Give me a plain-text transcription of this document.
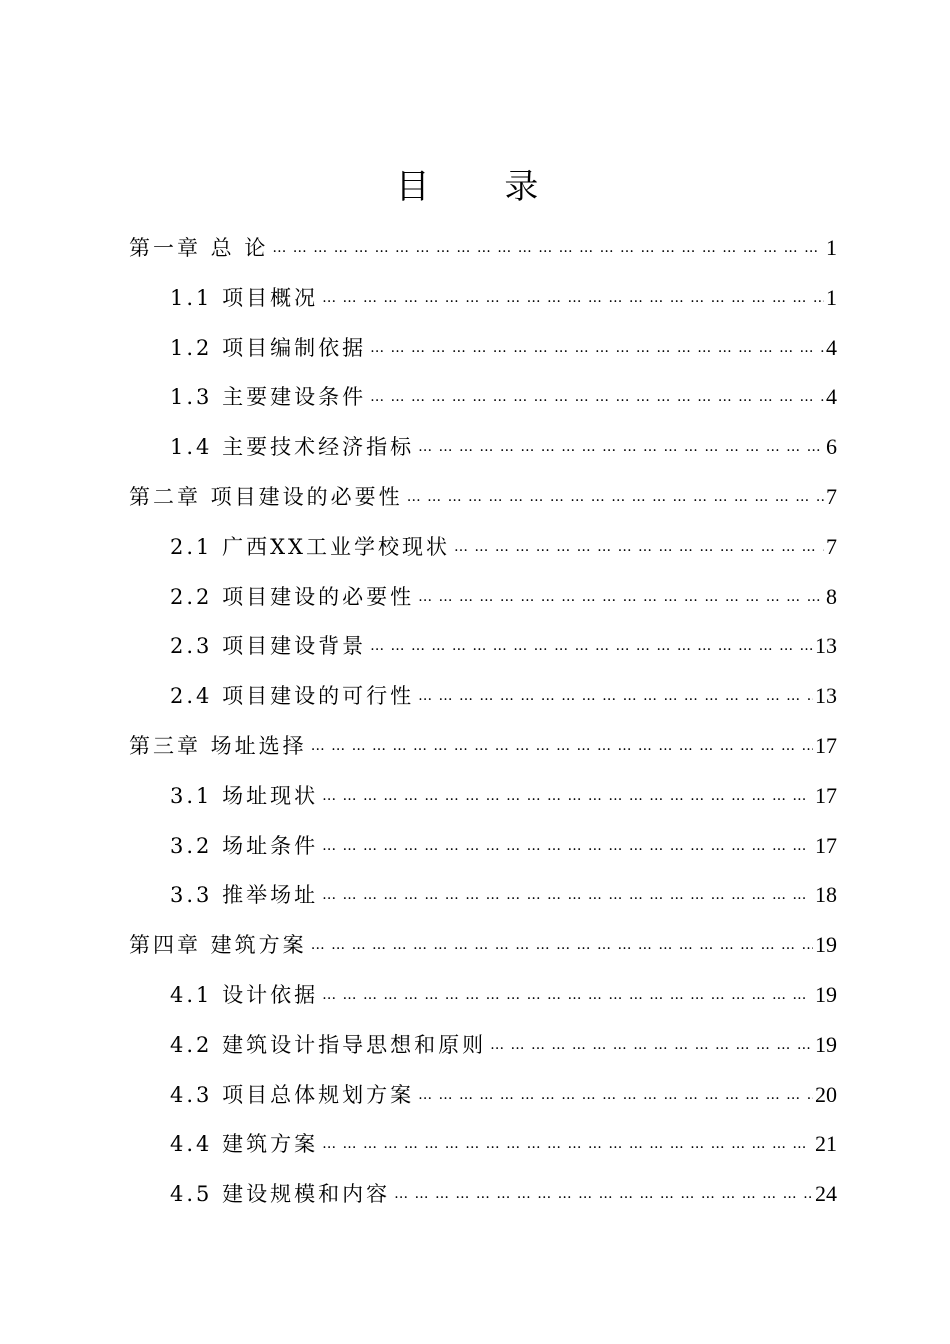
目 录
第一章 总 论 … … … … … … … … … … … … … … … … … … … … … … … … … … … … … … … … … … … … … … … … … … … … … … … … … … … …	1
1.1 项目概况 … … … … … … … … … … … … … … … … … … … … … … … … … … … … … … … … … … … … … … … … … … … … … … … … … … … …	1
1.2 项目编制依据 … … … … … … … … … … … … … … … … … … … … … … … … … … … … … … … … … … … … … … … … … … … … … … … … … … … …	4
1.3 主要建设条件 … … … … … … … … … … … … … … … … … … … … … … … … … … … … … … … … … … … … … … … … … … … … … … … … … … … …	4
1.4 主要技术经济指标 … … … … … … … … … … … … … … … … … … … … … … … … … … … … … … … … … … … … … … … … … … … … … … … … … … … …	6
第二章 项目建设的必要性 … … … … … … … … … … … … … … … … … … … … … … … … … … … … … … … … … … … … … … … … … … … … … … … … … … … …	7
2.1 广西XX工业学校现状 … … … … … … … … … … … … … … … … … … … … … … … … … … … … … … … … … … … … … … … … … … … … … … … … … … … …	7
2.2 项目建设的必要性 … … … … … … … … … … … … … … … … … … … … … … … … … … … … … … … … … … … … … … … … … … … … … … … … … … … …	8
2.3 项目建设背景 … … … … … … … … … … … … … … … … … … … … … … … … … … … … … … … … … … … … … … … … … … … … … … … … … … … …	13
2.4 项目建设的可行性 … … … … … … … … … … … … … … … … … … … … … … … … … … … … … … … … … … … … … … … … … … … … … … … … … … … …	13
第三章 场址选择 … … … … … … … … … … … … … … … … … … … … … … … … … … … … … … … … … … … … … … … … … … … … … … … … … … … …	17
3.1 场址现状 … … … … … … … … … … … … … … … … … … … … … … … … … … … … … … … … … … … … … … … … … … … … … … … … … … … …	17
3.2 场址条件 … … … … … … … … … … … … … … … … … … … … … … … … … … … … … … … … … … … … … … … … … … … … … … … … … … … …	17
3.3 推举场址 … … … … … … … … … … … … … … … … … … … … … … … … … … … … … … … … … … … … … … … … … … … … … … … … … … … …	18
第四章 建筑方案 … … … … … … … … … … … … … … … … … … … … … … … … … … … … … … … … … … … … … … … … … … … … … … … … … … … …	19
4.1 设计依据 … … … … … … … … … … … … … … … … … … … … … … … … … … … … … … … … … … … … … … … … … … … … … … … … … … … …	19
4.2 建筑设计指导思想和原则 … … … … … … … … … … … … … … … … … … … … … … … … … … … … … … … … … … … … … … … … … … … … … … … … … … … …	19
4.3 项目总体规划方案 … … … … … … … … … … … … … … … … … … … … … … … … … … … … … … … … … … … … … … … … … … … … … … … … … … … …	20
4.4 建筑方案 … … … … … … … … … … … … … … … … … … … … … … … … … … … … … … … … … … … … … … … … … … … … … … … … … … … …	21
4.5 建设规模和内容 … … … … … … … … … … … … … … … … … … … … … … … … … … … … … … … … … … … … … … … … … … … … … … … … … … … …	24
